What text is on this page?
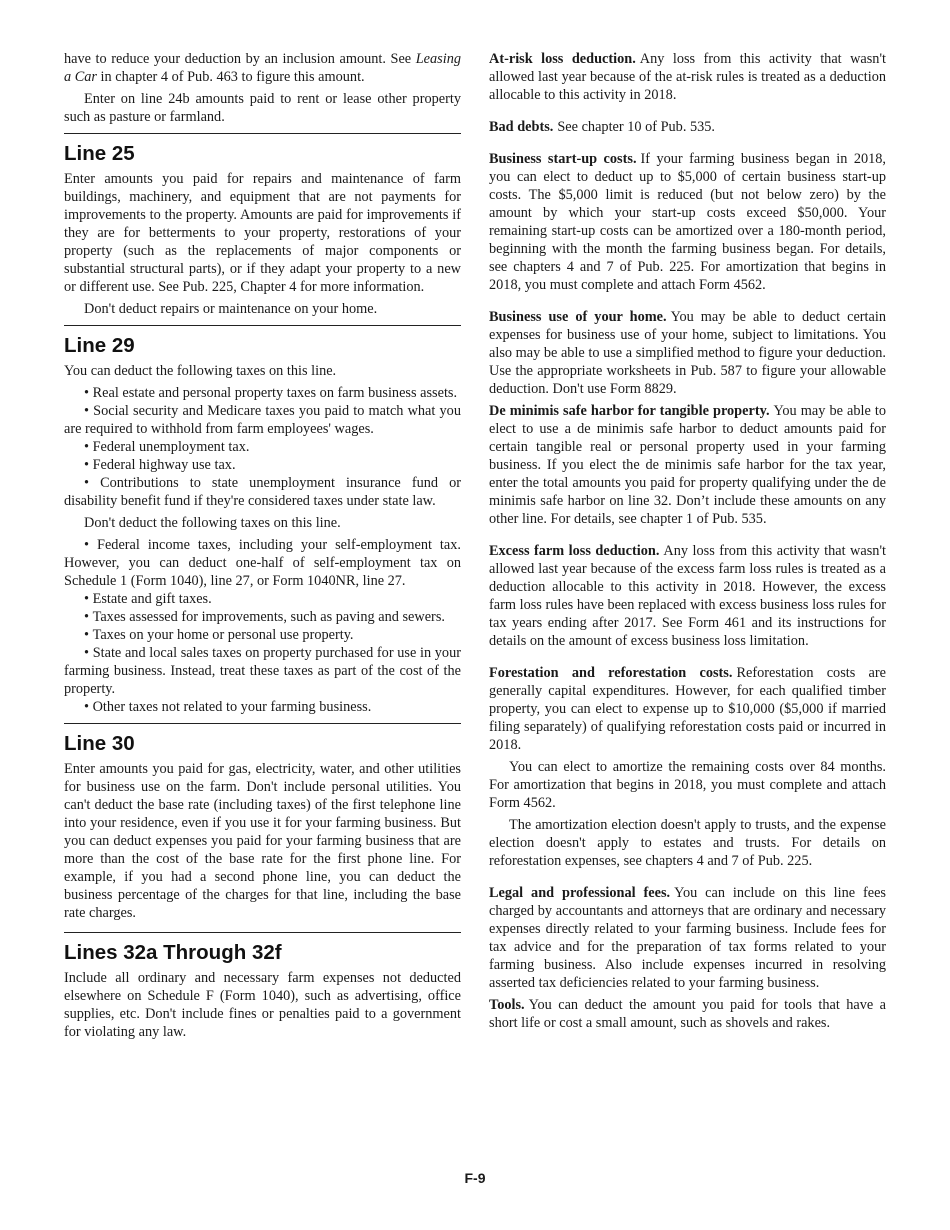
have to reduce your deduction by an inclusion amount. See Leasing a Car in chapter 4 of Pub. 463 to figure this amount.

Enter on line 24b amounts paid to rent or lease other property such as pasture or farmland.

Line 25

Enter amounts you paid for repairs and maintenance of farm buildings, machinery, and equipment that are not payments for improvements to the property. Amounts are paid for improvements if they are for betterments to your property, restorations of your property (such as the replacements of major components or substantial structural parts), or if they adapt your property to a new or different use. See Pub. 225, Chapter 4 for more information.

Don't deduct repairs or maintenance on your home.

Line 29

You can deduct the following taxes on this line.

• Real estate and personal property taxes on farm business assets.

• Social security and Medicare taxes you paid to match what you are required to withhold from farm employees' wages.

• Federal unemployment tax.

• Federal highway use tax.

• Contributions to state unemployment insurance fund or disability benefit fund if they're considered taxes under state law.

Don't deduct the following taxes on this line.

• Federal income taxes, including your self-employment tax. However, you can deduct one-half of self-employment tax on Schedule 1 (Form 1040), line 27, or Form 1040NR, line 27.

• Estate and gift taxes.

• Taxes assessed for improvements, such as paving and sewers.

• Taxes on your home or personal use property.

• State and local sales taxes on property purchased for use in your farming business. Instead, treat these taxes as part of the cost of the property.

• Other taxes not related to your farming business.

Line 30

Enter amounts you paid for gas, electricity, water, and other utilities for business use on the farm. Don't include personal utilities. You can't deduct the base rate (including taxes) of the first telephone line into your residence, even if you use it for your farming business. But you can deduct expenses you paid for your farming business that are more than the cost of the base rate for the first phone line. For example, if you had a second phone line, you can deduct the business percentage of the charges for that line, including the base rate charges.

Lines 32a Through 32f

Include all ordinary and necessary farm expenses not deducted elsewhere on Schedule F (Form 1040), such as advertising, office supplies, etc. Don't include fines or penalties paid to a government for violating any law.

At-risk loss deduction. Any loss from this activity that wasn't allowed last year because of the at-risk rules is treated as a deduction allocable to this activity in 2018.

Bad debts. See chapter 10 of Pub. 535.

Business start-up costs. If your farming business began in 2018, you can elect to deduct up to $5,000 of certain business start-up costs. The $5,000 limit is reduced (but not below zero) by the amount by which your start-up costs exceed $50,000. Your remaining start-up costs can be amortized over a 180-month period, beginning with the month the farming business began. For details, see chapters 4 and 7 of Pub. 225. For amortization that begins in 2018, you must complete and attach Form 4562.

Business use of your home. You may be able to deduct certain expenses for business use of your home, subject to limitations. You also may be able to use a simplified method to figure your deduction. Use the appropriate worksheets in Pub. 587 to figure your allowable deduction. Don't use Form 8829.

De minimis safe harbor for tangible property. You may be able to elect to use a de minimis safe harbor to deduct amounts paid for certain tangible real or personal property used in your farming business. If you elect the de minimis safe harbor for the tax year, enter the total amounts you paid for property qualifying under the de minimis safe harbor on line 32. Don’t include these amounts on any other line. For details, see chapter 1 of Pub. 535.

Excess farm loss deduction. Any loss from this activity that wasn't allowed last year because of the excess farm loss rules is treated as a deduction allocable to this activity in 2018. However, the excess farm loss rules have been replaced with excess business loss rules for tax years ending after 2017. See Form 461 and its instructions for details on the amount of excess business loss limitation.

Forestation and reforestation costs. Reforestation costs are generally capital expenditures. However, for each qualified timber property, you can elect to expense up to $10,000 ($5,000 if married filing separately) of qualifying reforestation costs paid or incurred in 2018.

You can elect to amortize the remaining costs over 84 months. For amortization that begins in 2018, you must complete and attach Form 4562.

The amortization election doesn't apply to trusts, and the expense election doesn't apply to estates and trusts. For details on reforestation expenses, see chapters 4 and 7 of Pub. 225.

Legal and professional fees. You can include on this line fees charged by accountants and attorneys that are ordinary and necessary expenses directly related to your farming business. Include fees for tax advice and for the preparation of tax forms related to your farming business. Also include expenses incurred in resolving asserted tax deficiencies related to your farming business.

Tools. You can deduct the amount you paid for tools that have a short life or cost a small amount, such as shovels and rakes.

F-9
